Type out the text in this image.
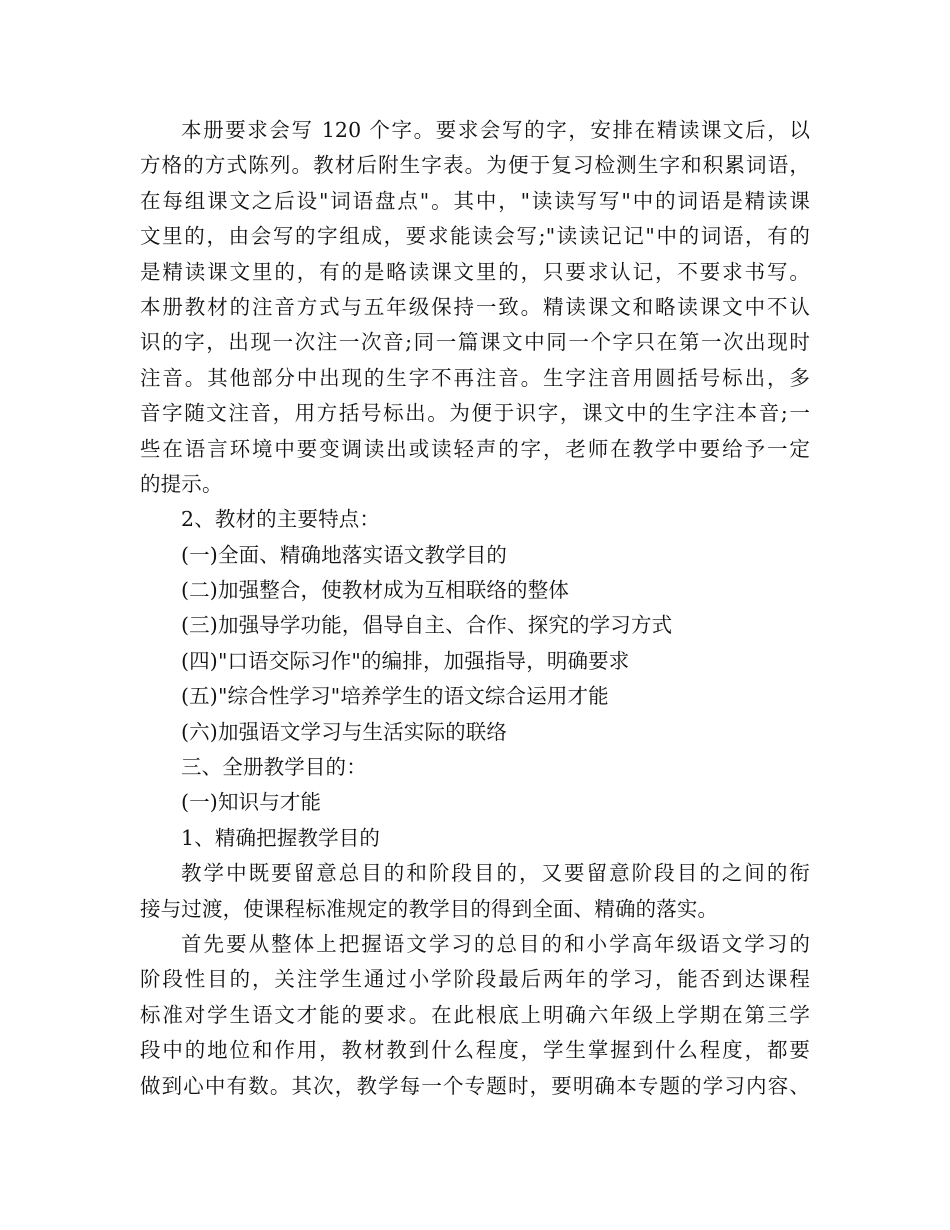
本册要求会写 120 个字。要求会写的字，安排在精读课文后，以
方格的方式陈列。教材后附生字表。为便于复习检测生字和积累词语，
在每组课文之后设"词语盘点"。其中，"读读写写"中的词语是精读课
文里的，由会写的字组成，要求能读会写;"读读记记"中的词语，有的
是精读课文里的，有的是略读课文里的，只要求认记，不要求书写。
本册教材的注音方式与五年级保持一致。精读课文和略读课文中不认
识的字，出现一次注一次音;同一篇课文中同一个字只在第一次出现时
注音。其他部分中出现的生字不再注音。生字注音用圆括号标出，多
音字随文注音，用方括号标出。为便于识字，课文中的生字注本音;一
些在语言环境中要变调读出或读轻声的字，老师在教学中要给予一定
的提示。
2、教材的主要特点：
(一)全面、精确地落实语文教学目的
(二)加强整合，使教材成为互相联络的整体
(三)加强导学功能，倡导自主、合作、探究的学习方式
(四)"口语交际习作"的编排，加强指导，明确要求
(五)"综合性学习"培养学生的语文综合运用才能
(六)加强语文学习与生活实际的联络
三、全册教学目的：
(一)知识与才能
1、精确把握教学目的
教学中既要留意总目的和阶段目的，又要留意阶段目的之间的衔
接与过渡，使课程标准规定的教学目的得到全面、精确的落实。
首先要从整体上把握语文学习的总目的和小学高年级语文学习的
阶段性目的，关注学生通过小学阶段最后两年的学习，能否到达课程
标准对学生语文才能的要求。在此根底上明确六年级上学期在第三学
段中的地位和作用，教材教到什么程度，学生掌握到什么程度，都要
做到心中有数。其次，教学每一个专题时，要明确本专题的学习内容、
